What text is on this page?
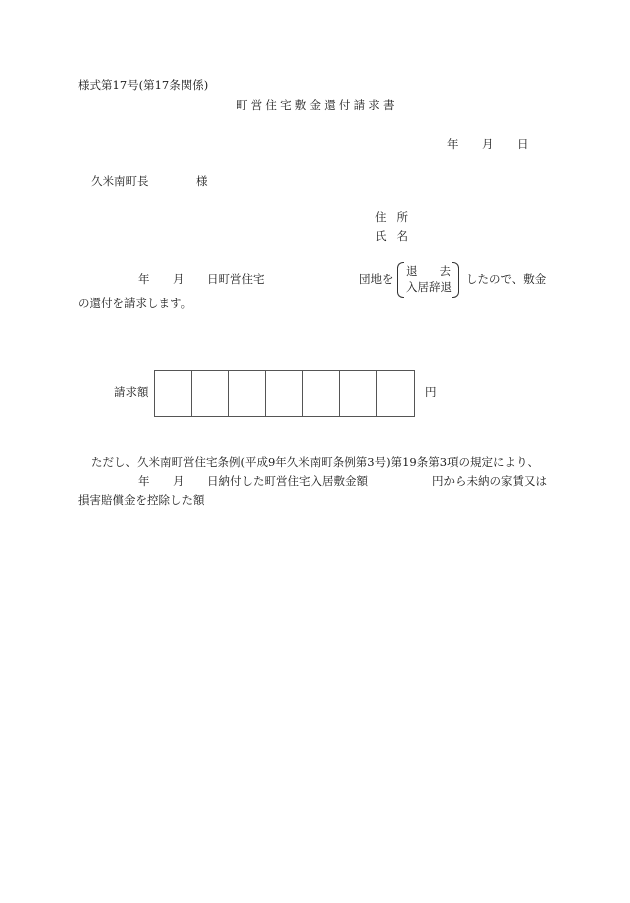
様式第17号(第17条関係)
町営住宅敷金還付請求書
年 月 日
久米南町長	様
住所
氏名
年 月 日町営住宅	団地を
退 去
入居辞退
したので、敷金
の還付を請求します。
請求額	円
ただし、久米南町営住宅条例(平成9年久米南町条例第3号)第19条第3項の規定により、
年 月 日納付した町営住宅入居敷金額	円から未納の家賃又は
損害賠償金を控除した額
